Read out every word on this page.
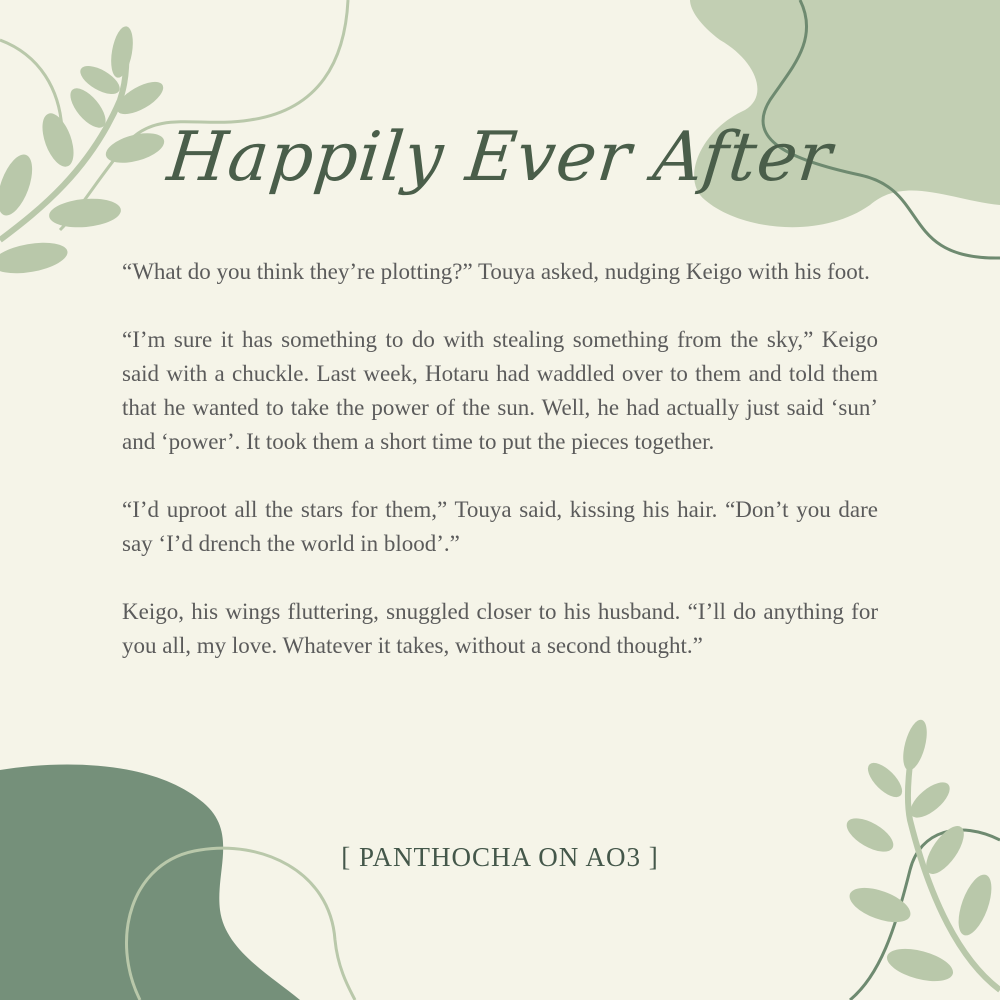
Happily Ever After

“What do you think they’re plotting?” Touya asked, nudging Keigo with his foot.

“I’m sure it has something to do with stealing something from the sky,” Keigo said with a chuckle. Last week, Hotaru had waddled over to them and told them that he wanted to take the power of the sun. Well, he had actually just said ‘sun’ and ‘power’. It took them a short time to put the pieces together.

“I’d uproot all the stars for them,” Touya said, kissing his hair. “Don’t you dare say ‘I’d drench the world in blood’.”

Keigo, his wings fluttering, snuggled closer to his husband. “I’ll do anything for you all, my love. Whatever it takes, without a second thought.”

[ PANTHOCHA ON AO3 ]
